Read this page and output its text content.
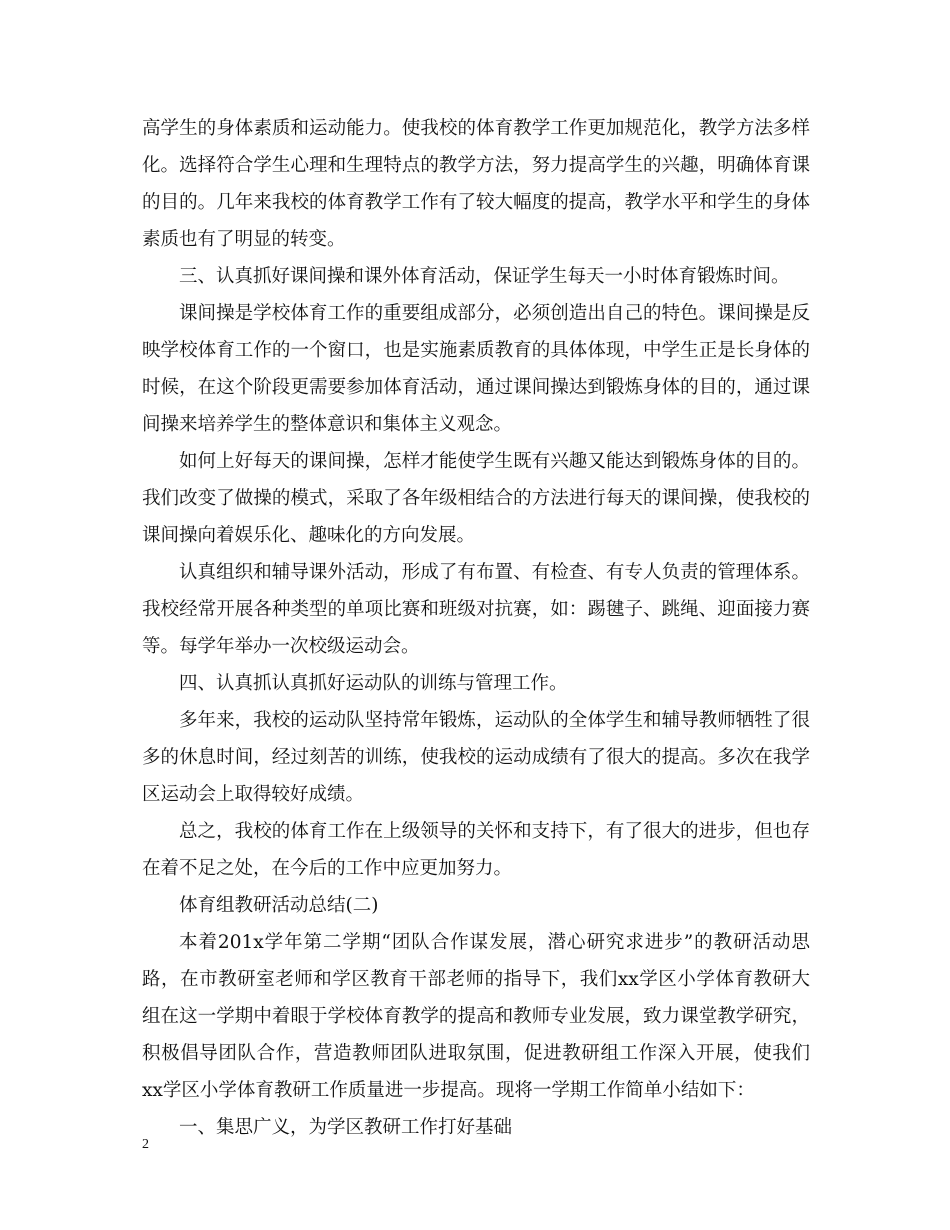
高学生的身体素质和运动能力。使我校的体育教学工作更加规范化，教学方法多样化。选择符合学生心理和生理特点的教学方法，努力提高学生的兴趣，明确体育课的目的。几年来我校的体育教学工作有了较大幅度的提高，教学水平和学生的身体素质也有了明显的转变。

三、认真抓好课间操和课外体育活动，保证学生每天一小时体育锻炼时间。

课间操是学校体育工作的重要组成部分，必须创造出自己的特色。课间操是反映学校体育工作的一个窗口，也是实施素质教育的具体体现，中学生正是长身体的时候，在这个阶段更需要参加体育活动，通过课间操达到锻炼身体的目的，通过课间操来培养学生的整体意识和集体主义观念。

如何上好每天的课间操，怎样才能使学生既有兴趣又能达到锻炼身体的目的。我们改变了做操的模式，采取了各年级相结合的方法进行每天的课间操，使我校的课间操向着娱乐化、趣味化的方向发展。

认真组织和辅导课外活动，形成了有布置、有检查、有专人负责的管理体系。我校经常开展各种类型的单项比赛和班级对抗赛，如：踢毽子、跳绳、迎面接力赛等。每学年举办一次校级运动会。

四、认真抓认真抓好运动队的训练与管理工作。

多年来，我校的运动队坚持常年锻炼，运动队的全体学生和辅导教师牺牲了很多的休息时间，经过刻苦的训练，使我校的运动成绩有了很大的提高。多次在我学区运动会上取得较好成绩。

总之，我校的体育工作在上级领导的关怀和支持下，有了很大的进步，但也存在着不足之处，在今后的工作中应更加努力。

体育组教研活动总结(二)

本着201x学年第二学期“团队合作谋发展，潜心研究求进步”的教研活动思路，在市教研室老师和学区教育干部老师的指导下，我们xx学区小学体育教研大组在这一学期中着眼于学校体育教学的提高和教师专业发展，致力课堂教学研究，积极倡导团队合作，营造教师团队进取氛围，促进教研组工作深入开展，使我们xx学区小学体育教研工作质量进一步提高。现将一学期工作简单小结如下：

一、集思广义，为学区教研工作打好基础

2
